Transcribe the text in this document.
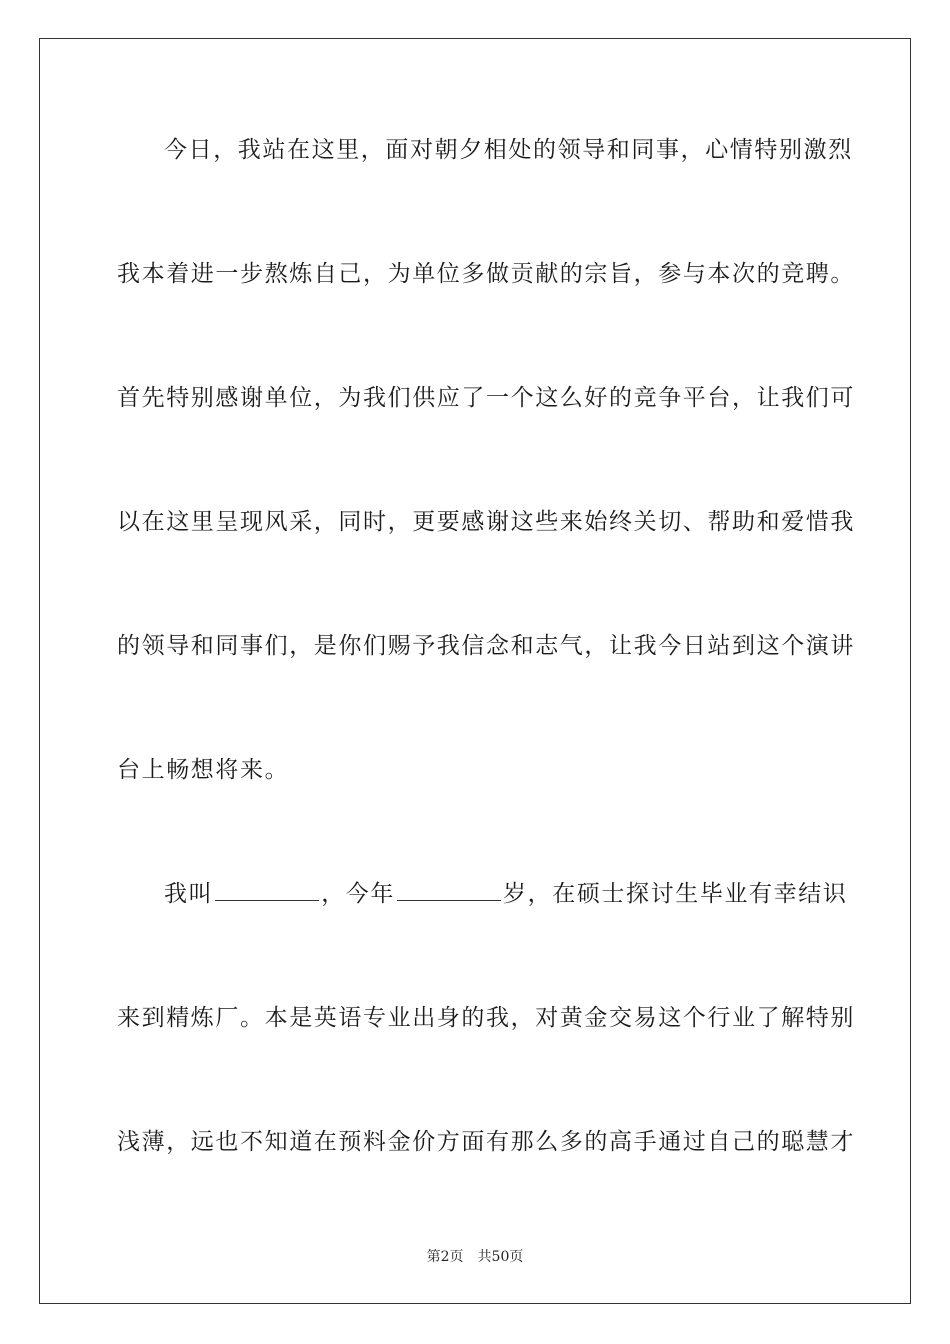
今日，我站在这里，面对朝夕相处的领导和同事，心情特别激烈
我本着进一步熬炼自己，为单位多做贡献的宗旨，参与本次的竞聘。
首先特别感谢单位，为我们供应了一个这么好的竞争平台，让我们可
以在这里呈现风采，同时，更要感谢这些来始终关切、帮助和爱惜我
的领导和同事们，是你们赐予我信念和志气，让我今日站到这个演讲
台上畅想将来。
我叫	，今年	岁，在硕士探讨生毕业有幸结识
来到精炼厂。本是英语专业出身的我，对黄金交易这个行业了解特别
浅薄，远也不知道在预料金价方面有那么多的高手通过自己的聪慧才
第2页 共50页
